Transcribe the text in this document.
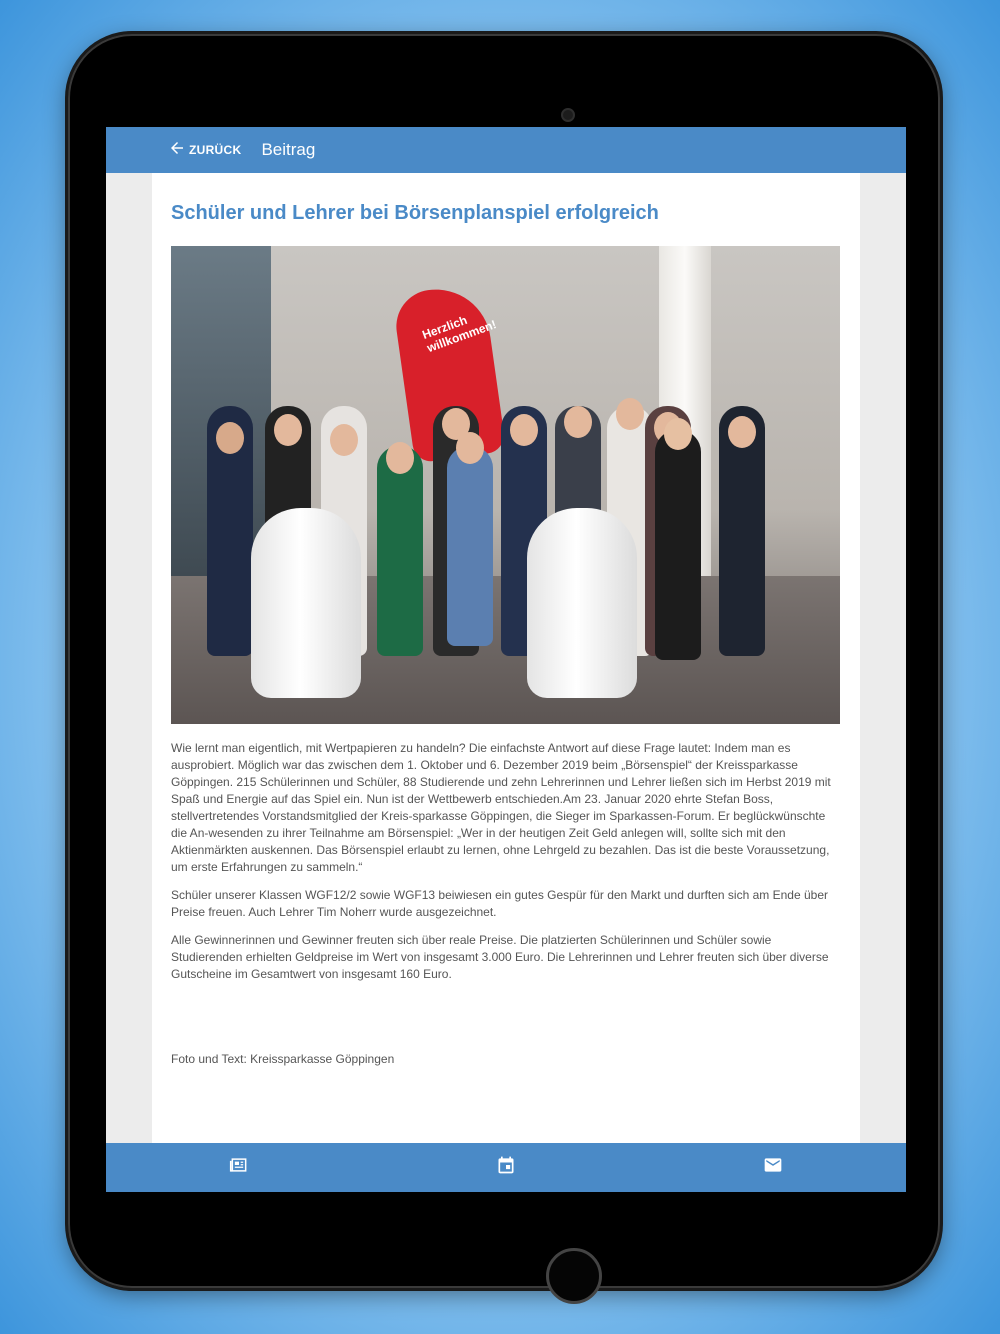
ZURÜCK Beitrag
Schüler und Lehrer bei Börsenplanspiel erfolgreich
Herzlich willkommen!

Wie lernt man eigentlich, mit Wertpapieren zu handeln? Die einfachste Antwort auf diese Frage lautet: Indem man es ausprobiert. Möglich war das zwischen dem 1. Oktober und 6. Dezember 2019 beim „Börsenspiel“ der Kreissparkasse Göppingen. 215 Schülerinnen und Schüler, 88 Studierende und zehn Lehrerinnen und Lehrer ließen sich im Herbst 2019 mit Spaß und Energie auf das Spiel ein. Nun ist der Wettbewerb entschieden.Am 23. Januar 2020 ehrte Stefan Boss, stellvertretendes Vorstandsmitglied der Kreis-sparkasse Göppingen, die Sieger im Sparkassen-Forum. Er beglückwünschte die An-wesenden zu ihrer Teilnahme am Börsenspiel: „Wer in der heutigen Zeit Geld anlegen will, sollte sich mit den Aktienmärkten auskennen. Das Börsenspiel erlaubt zu lernen, ohne Lehrgeld zu bezahlen. Das ist die beste Voraussetzung, um erste Erfahrungen zu sammeln.“

Schüler unserer Klassen WGF12/2 sowie WGF13 beiwiesen ein gutes Gespür für den Markt und durften sich am Ende über Preise freuen. Auch Lehrer Tim Noherr wurde ausgezeichnet.

Alle Gewinnerinnen und Gewinner freuten sich über reale Preise. Die platzierten Schülerinnen und Schüler sowie Studierenden erhielten Geldpreise im Wert von insgesamt 3.000 Euro. Die Lehrerinnen und Lehrer freuten sich über diverse Gutscheine im Gesamtwert von insgesamt 160 Euro.

Foto und Text: Kreissparkasse Göppingen
